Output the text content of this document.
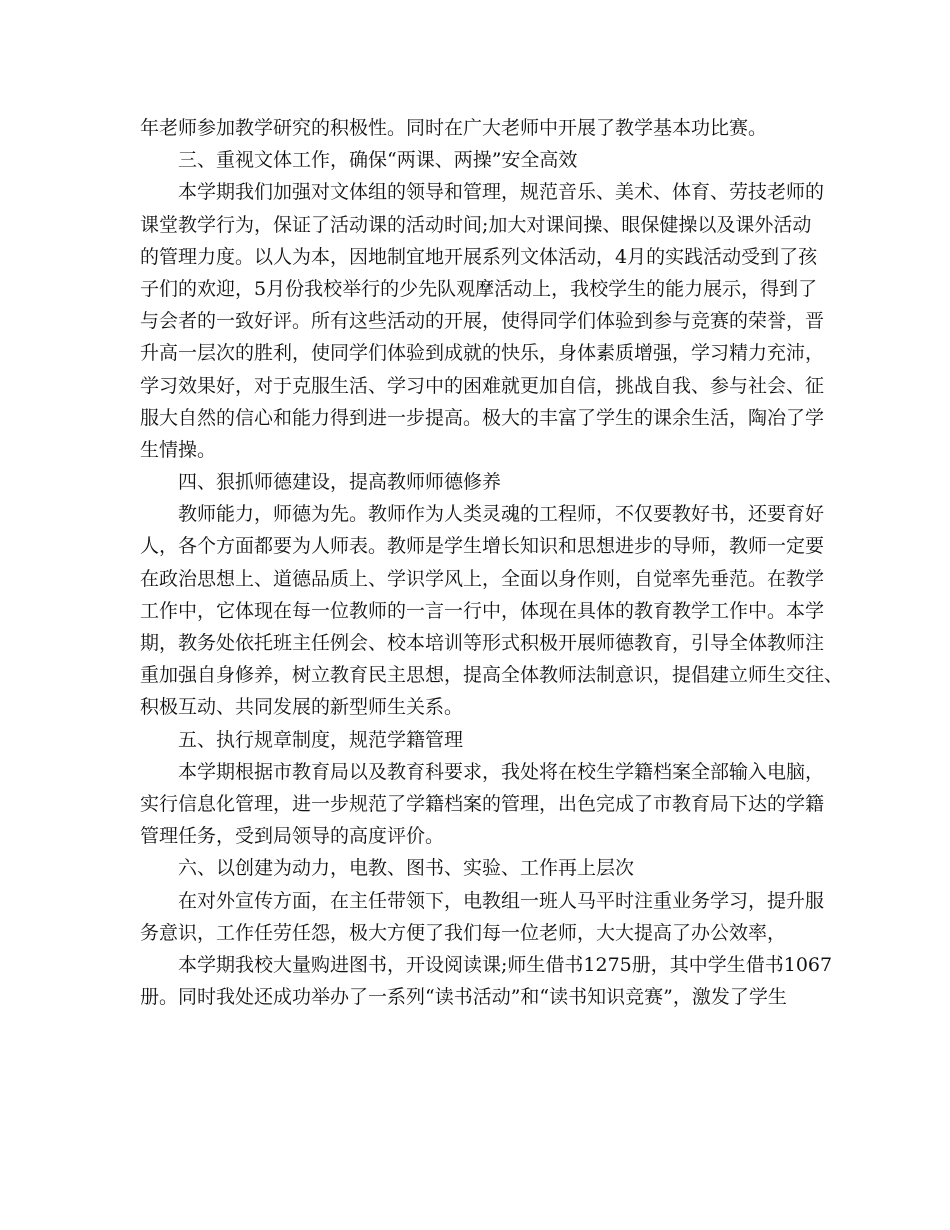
年老师参加教学研究的积极性。同时在广大老师中开展了教学基本功比赛。
三、重视文体工作，确保“两课、两操”安全高效
本学期我们加强对文体组的领导和管理，规范音乐、美术、体育、劳技老师的
课堂教学行为，保证了活动课的活动时间;加大对课间操、眼保健操以及课外活动
的管理力度。以人为本，因地制宜地开展系列文体活动，4月的实践活动受到了孩
子们的欢迎，5月份我校举行的少先队观摩活动上，我校学生的能力展示，得到了
与会者的一致好评。所有这些活动的开展，使得同学们体验到参与竞赛的荣誉，晋
升高一层次的胜利，使同学们体验到成就的快乐，身体素质增强，学习精力充沛，
学习效果好，对于克服生活、学习中的困难就更加自信，挑战自我、参与社会、征
服大自然的信心和能力得到进一步提高。极大的丰富了学生的课余生活，陶冶了学
生情操。
四、狠抓师德建设，提高教师师德修养
教师能力，师德为先。教师作为人类灵魂的工程师，不仅要教好书，还要育好
人，各个方面都要为人师表。教师是学生增长知识和思想进步的导师，教师一定要
在政治思想上、道德品质上、学识学风上，全面以身作则，自觉率先垂范。在教学
工作中，它体现在每一位教师的一言一行中，体现在具体的教育教学工作中。本学
期，教务处依托班主任例会、校本培训等形式积极开展师德教育，引导全体教师注
重加强自身修养，树立教育民主思想，提高全体教师法制意识，提倡建立师生交往、
积极互动、共同发展的新型师生关系。
五、执行规章制度，规范学籍管理
本学期根据市教育局以及教育科要求，我处将在校生学籍档案全部输入电脑，
实行信息化管理，进一步规范了学籍档案的管理，出色完成了市教育局下达的学籍
管理任务，受到局领导的高度评价。
六、以创建为动力，电教、图书、实验、工作再上层次
在对外宣传方面，在主任带领下，电教组一班人马平时注重业务学习，提升服
务意识，工作任劳任怨，极大方便了我们每一位老师，大大提高了办公效率，
本学期我校大量购进图书，开设阅读课;师生借书1275册，其中学生借书1067
册。同时我处还成功举办了一系列“读书活动”和“读书知识竞赛”，激发了学生
